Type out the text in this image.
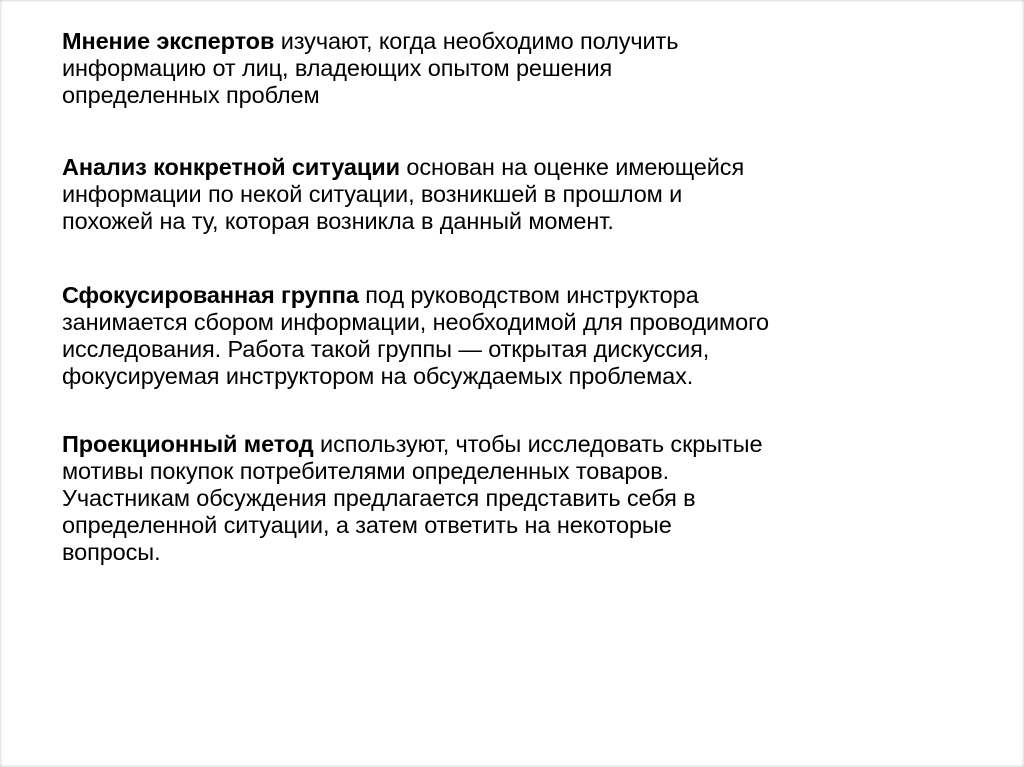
Мнение экспертов изучают, когда необходимо получить
информацию от лиц, владеющих опытом решения
определенных проблем

Анализ конкретной ситуации основан на оценке имеющейся
информации по некой ситуации, возникшей в прошлом и
похожей на ту, которая возникла в данный момент.

Сфокусированная группа под руководством инструктора
занимается сбором информации, необходимой для проводимого
исследования. Работа такой группы — открытая дискуссия,
фокусируемая инструктором на обсуждаемых проблемах.

Проекционный метод используют, чтобы исследовать скрытые
мотивы покупок потребителями определенных товаров.
Участникам обсуждения предлагается представить себя в
определенной ситуации, а затем ответить на некоторые
вопросы.
